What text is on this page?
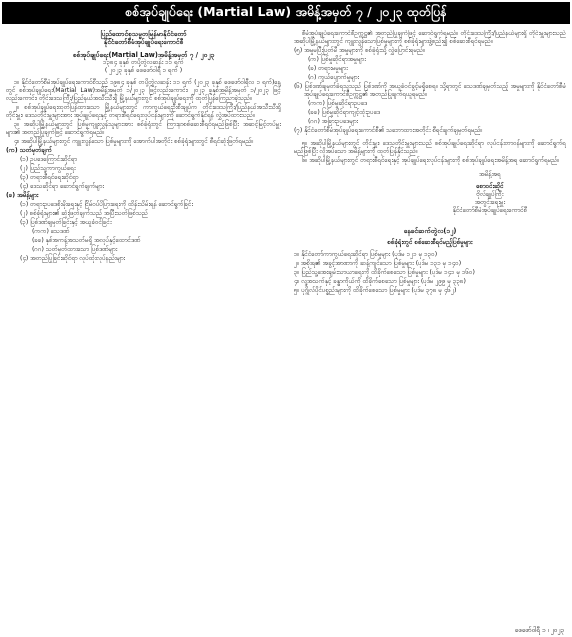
စစ်အုပ်ချုပ်ရေး (Martial Law) အမိန့်အမှတ် ၇ / ၂၀၂၃ ထုတ်ပြန်
ပြည်ထောင်စုသမ္မတမြန်မာနိုင်ငံတော်
နိုင်ငံတော်စီမံအုပ်ချုပ်ရေးကောင်စီ
စစ်အုပ်ချုပ်ရေး(Martial Law)အမိန့်အမှတ် ၇ / ၂၀၂၃
၁၃၈၄ ခုနှစ် တပို့တွဲလဆန်း ၁၁ ရက်
( ၂၀၂၃ ခုနှစ် ဖေဖော်ဝါရီ ၁ ရက် )
၁။ နိုင်ငံတော်စီမံအုပ်ချုပ်ရေးကောင်စီသည် ၁၉၈၄ ခုနှစ် တပို့တွဲလဆန်း ၁၁ ရက် (၂၀၂၃ ခုနှစ် ဖေဖော်ဝါရီလ ၁ ရက်)နေ့တွင် စစ်အုပ်ချုပ်ရေး(Martial Law)အမိန့်အမှတ် ၁/၂၀၂၃ ဖြင့်လည်းကောင်း၊ ၂၀၂၃ ခုနှစ်အမိန့်အမှတ် ၁/၂၀၂၃ ဖြင့်လည်းကောင်း၊ တိုင်းဒေသကြီး/ပြည်နယ်အသီးသီးရှိ မြို့နယ်များတွင် စစ်အုပ်ချုပ်ရေးကို ထုတ်ပြန်ကြေညာခဲ့သည်။
၂။ စစ်အုပ်ချုပ်ရေးထုတ်ပြန်ထားသော မြို့နယ်များတွင် ကာကွယ်ရေးဦးစီးချုပ်က တိုင်းဒေသကြီး/ပြည်နယ်အသီးသီးရှိ တိုင်းမှူး၊ ဒေသတိုင်းမှူးများအား အုပ်ချုပ်ရေးနှင့် တရားစီရင်ရေးလုပ်ငန်းများကို ဆောင်ရွက်နိုင်ရန် လွှဲအပ်ထားသည်။
၃။ အဆိုပါမြို့နယ်များတွင် ပြစ်မှုကျူးလွန်သူများအား စစ်ခုံရုံးတွင် ကြားနာစစ်ဆေးစီရင်ရမည်ဖြစ်ပြီး အဆင့်မြင့်တပ်မှူးများ၏ အတည်ပြုချက်ဖြင့် ဆောင်ရွက်ရမည်။
၄။ အဆိုပါမြို့နယ်များတွင် ကျူးလွန်သော ပြစ်မှုများကို အောက်ပါအတိုင်း စစ်ခုံရုံးများတွင် စီရင်ဆုံးဖြတ်ရမည်။
(က) သတ်မှတ်ချက်
(၁) ဥပဒေကြောင်းဆိုင်ရာ
(၂) ပြည်သူ့ကာကွယ်ရေး
(၃) တရားစီရင်ရေးဆိုင်ရာ
(၄) ဒေသဆိုင်ရာ ဆောင်ရွက်ချက်များ
(ခ) အမိန့်များ
(၁) တရားဥပဒေစိုးမိုးရေးနှင့် ငြိမ်ဝပ်ပိပြားရေးကို ထိန်းသိမ်းရန် ဆောင်ရွက်ခြင်း
(၂) စစ်ခုံရုံးများ၏ ဆုံးဖြတ်ချက်သည် အပြီးသတ်ဖြစ်သည်
(၃) ပြစ်ဒဏ်ချမှတ်ခြင်းနှင့် အယူခံဝင်ခြင်း
(ကက) သေဒဏ်
(ခခ) နှစ်အကန့်အသတ်မရှိ အလုပ်နှင့်ထောင်ဒဏ်
(ဂဂ) သတ်မှတ်ထားသော ပြစ်ဒဏ်များ
(၄) အတည်ပြုခြင်းဆိုင်ရာ လုပ်ထုံးလုပ်နည်းများ
စီမံအုပ်ချုပ်ရေးကောင်စီဥက္ကဋ္ဌ၏ အတည်ပြုချက်ဖြင့် ဆောင်ရွက်ရမည်။ တိုင်းဒေသကြီး/ပြည်နယ်များရှိ တိုင်းမှူးများသည် အဆိုပါမြို့နယ်များတွင် ကျူးလွန်သောပြစ်မှုများကို စစ်ခုံရုံးများဖွဲ့စည်း၍ စစ်ဆေးစီရင်ရမည်။
(၅) အမှုမပြီးပြတ်မီ အမှုများကို စစ်ခုံရုံးသို့ လွှဲပြောင်းရမည်။
(က) ပြစ်မှုဆိုင်ရာအမှုများ
(ခ) တရားမမှုများ
(ဂ) ကွယ်ပျောက်မှုများ
(၆) ပြစ်ဒဏ်ချမှတ်ခံရသူသည် ပြစ်ဒဏ်ကို အယူခံဝင်ခွင့်မရှိစေရ။ သို့ရာတွင် သေဒဏ်ချမှတ်သည့် အမှုများကို နိုင်ငံတော်စီမံအုပ်ချုပ်ရေးကောင်စီဥက္ကဋ္ဌ၏ အတည်ပြုချက်ရယူရမည်။
(ကက) ပြစ်မှုဆိုင်ရာဥပဒေ
(ခခ) ပြစ်မှုဆိုင်ရာကျင့်ထုံးဥပဒေ
(ဂဂ) အခြားဥပဒေများ
(၇) နိုင်ငံတော်စီမံအုပ်ချုပ်ရေးကောင်စီ၏ သဘောထားအတိုင်း စီရင်ချက်ချမှတ်ရမည်။
၅။ အဆိုပါမြို့နယ်များတွင် တိုင်းမှူး၊ ဒေသတိုင်းမှူးများသည် စစ်အုပ်ချုပ်ရေးဆိုင်ရာ လုပ်ငန်းတာဝန်များကို ဆောင်ရွက်ရမည်ဖြစ်ပြီး လိုအပ်သော အမိန့်များကို ထုတ်ပြန်နိုင်သည်။
၆။ အဆိုပါမြို့နယ်များတွင် တရားစီရင်ရေးနှင့် အုပ်ချုပ်ရေးလုပ်ငန်းများကို စစ်အုပ်ချုပ်ရေးအမိန့်အရ ဆောင်ရွက်ရမည်။
အမိန့်အရ
စောဝင်းဆိုင်
ဗိုလ်ချုပ်ကြီး
အတွင်းရေးမှူး
နိုင်ငံတော်စီမံအုပ်ချုပ်ရေးကောင်စီ
နေခင်ဆက်တွဲလ(၁၂)
စစ်ခုံရုံးတွင် စစ်ဆေးစီရင်မည့်ပြစ်မှုများ
၁။ နိုင်ငံတော်ကာကွယ်ရေးဆိုင်ရာ ပြစ်မှုများ (ပုဒ်မ ၁၂၁ မှ ၁၃၀)
၂။ အစိုးရ၏ အခွင့်အာဏာကို ဆန့်ကျင်သော ပြစ်မှုများ (ပုဒ်မ ၁၃၁ မှ ၁၄၀)
၃။ ပြည်သူ့အေးချမ်းသာယာရေးကို ထိခိုက်စေသော ပြစ်မှုများ (ပုဒ်မ ၁၄၁ မှ ၁၆၀)
၄။ လူ့အသက်နှင့် ခန္ဓာကိုယ်ကို ထိခိုက်စေသော ပြစ်မှုများ (ပုဒ်မ ၂၉၉ မှ ၃၃၈)
၅။ ပုဂ္ဂိုလ်ပိုင်ပစ္စည်းများကို ထိခိုက်စေသော ပြစ်မှုများ (ပုဒ်မ ၃၇၈ မှ ၄၆၂)
ဖေဖော်ဝါရီ ၁ ၊ ၂၀၂၃
